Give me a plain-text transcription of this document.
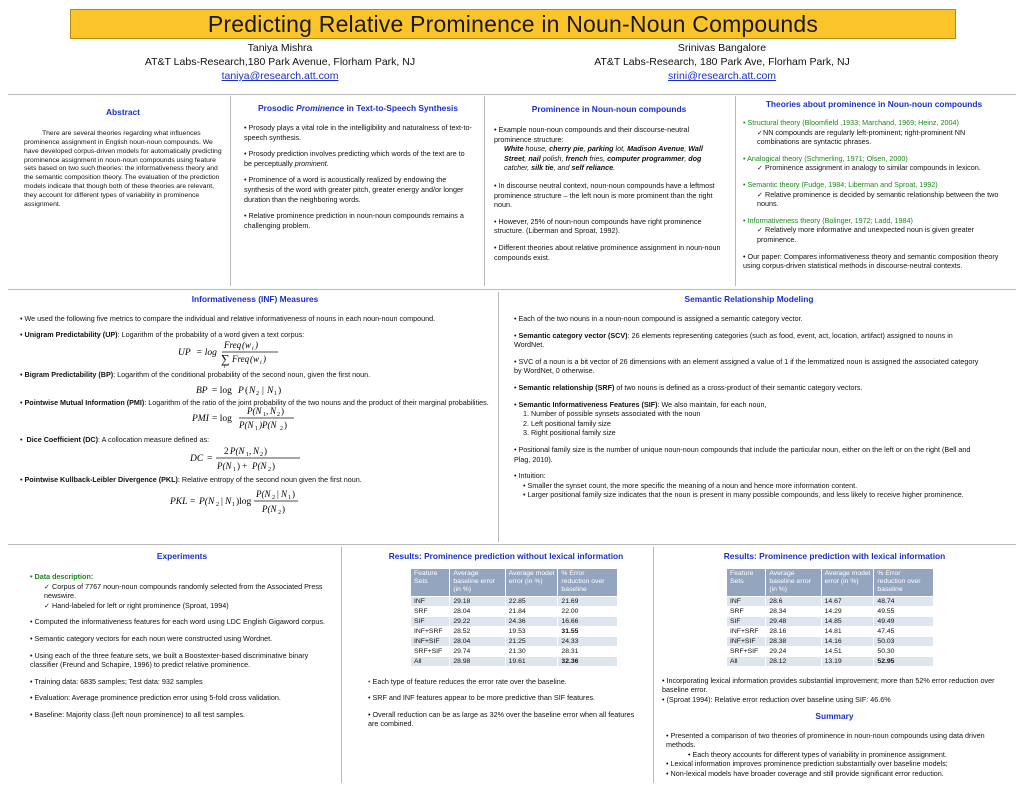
Predicting Relative Prominence in Noun-Noun Compounds
Taniya Mishra
AT&T Labs-Research,180 Park Avenue, Florham Park, NJ
taniya@research.att.com
Srinivas Bangalore
AT&T Labs-Research, 180 Park Ave, Florham Park, NJ
srini@research.att.com
Abstract
There are several theories regarding what influences prominence assignment in English noun-noun compounds. We have developed corpus-driven models for automatically predicting prominence assignment in noun-noun compounds using feature sets based on two such theories: the informativeness theory and the semantic composition theory. The evaluation of the prediction models indicate that though both of these theories are relevant, they account for different types of variability in prominence assignment.
Prosodic Prominence in Text-to-Speech Synthesis

• Prosody plays a vital role in the intelligibility and naturalness of text-to-speech synthesis.

• Prosody prediction involves predicting which words of the text are to be perceptually prominent.

• Prominence of a word is acoustically realized by endowing the synthesis of the word with greater pitch, greater energy and/or longer duration than the neighboring words.

• Relative prominence prediction in noun-noun compounds remains a challenging problem.

Prominence in Noun-noun compounds

• Example noun-noun compounds and their discourse-neutral prominence structure:

White house, cherry pie, parking lot, Madison Avenue, Wall Street, nail polish, french fries, computer programmer, dog catcher, silk tie, and self reliance.

• In discourse neutral context, noun-noun compounds have a leftmost prominence structure – the left noun is more prominent than the right noun.

• However, 25% of noun-noun compounds have right prominence structure. (Liberman and Sproat, 1992).

• Different theories about relative prominence assignment in noun-noun compounds exist.

Theories about prominence in Noun-noun compounds
• Structural theory (Bloomfield ,1933; Marchand, 1969; Heinz, 2004)
✓NN compounds are regularly left-prominent; right-prominent NN combinations are syntactic phrases.
• Analogical theory (Schmerling, 1971; Olsen, 2000)
✓ Prominence assignment in analogy to similar compounds in lexicon.
• Semantic theory (Fudge, 1984; Liberman and Sproat, 1992)
✓ Relative prominence is decided by semantic relationship between the two nouns.
• Informativeness theory (Bolinger, 1972; Ladd, 1984)
✓ Relatively more informative and unexpected noun is given greater prominence.

• Our paper: Compares informativeness theory and semantic composition theory using corpus-driven statistical methods in discourse-neutral contexts.

Informativeness (INF) Measures

• We used the following five metrics to compare the individual and relative informativeness of nouns in each noun-noun compound.

• Unigram Predictability (UP): Logarithm of the probability of a word given a text corpus:
UP = log
Freq (w i )
∑ Freq (w i )
i
• Bigram Predictability (BP): Logarithm of the conditional probability of the second noun, given the first noun.
BP = log P ( N 2 | N 1 )
• Pointwise Mutual Information (PMI): Logarithm of the ratio of the joint probability of the two nouns and the product of their marginal probabilities.
PMI = log
P(N 1 , N 2 )
P(N 1 )P(N 2 )
•  Dice Coefficient (DC): A collocation measure defined as:
DC =
2 P(N 1 , N 2 )
P(N 1 ) + P(N 2 )
• Pointwise Kullback-Leibler Divergence (PKL): Relative entropy of the second noun given the first noun.
PKL = P(N 2 | N 1 )log
P(N 2 | N 1 )
P(N 2 )
Semantic Relationship Modeling

• Each of the two nouns in a noun-noun compound is assigned a semantic category vector.

• Semantic category vector (SCV): 26 elements representing categories (such as food, event, act, location, artifact) assigned to nouns in WordNet.

• SVC of a noun is a bit vector of 26 dimensions with an element assigned a value of 1 if the lemmatized noun is assigned the associated category by WordNet, 0 otherwise.

• Semantic relationship (SRF) of two nouns is defined as a cross-product of their semantic category vectors.

• Semantic Informativeness Features (SIF): We also maintain, for each noun,
1. Number of possible synsets associated with the noun
2. Left positional family size
3. Right positional family size

• Positional family size is the number of unique noun-noun compounds that include the particular noun, either on the left or on the right (Bell and Plag, 2010).

• Intuition:
• Smaller the synset count, the more specific the meaning of a noun and hence more information content.
• Larger positional family size indicates that the noun is present in many possible compounds, and less likely to receive higher prominence.
Experiments
• Data description:
✓ Corpus of 7767 noun-noun compounds randomly selected from the Associated Press newswire.
✓ Hand-labeled for left or right prominence (Sproat, 1994)

• Computed the informativeness features for each word using LDC English Gigaword corpus.

• Semantic category vectors for each noun were constructed using Wordnet.

• Using each of the three feature sets, we built a Boostexter-based discriminative binary classifier (Freund and Schapire, 1996) to predict relative prominence.

• Training data: 6835 samples; Test data: 932 samples

• Evaluation: Average prominence prediction error using 5-fold cross validation.

• Baseline: Majority class (left noun prominence) to all test samples.

Results: Prominence prediction without lexical information
Feature Sets	Average baseline error (in %)	Average model error (in %)	% Error reduction over baseline
INF	29.18	22.85	21.69
SRF	28.04	21.84	22.00
SIF	29.22	24.36	16.66
INF+SRF	28.52	19.53	31.55
INF+SIF	28.04	21.25	24.33
SRF+SIF	29.74	21.30	28.31
All	28.98	19.61	32.36

• Each type of feature reduces the error rate over the baseline.

• SRF and INF features appear to be more predictive than SIF features.

• Overall reduction can be as large as 32% over the baseline error when all features are combined.

Results: Prominence prediction with lexical information
Feature Sets	Average baseline error (in %)	Average model error (in %)	% Error reduction over baseline
INF	28.6	14.67	48.74
SRF	28.34	14.29	49.55
SIF	29.48	14.85	49.49
INF+SRF	28.16	14.81	47.45
INF+SIF	28.38	14.16	50.03
SRF+SIF	29.24	14.51	50.30
All	28.12	13.19	52.95
• Incorporating lexical information provides substantial improvement; more than 52% error reduction over baseline error.
• (Sproat 1994): Relative error reduction over baseline using SIF: 46.6%
Summary
• Presented a comparison of two theories of prominence in noun-noun compounds using data driven methods.
• Each theory accounts for different types of variability in prominence assignment.
• Lexical information improves prominence prediction substantially over baseline models;
• Non-lexical models have broader coverage and still provide significant error reduction.
